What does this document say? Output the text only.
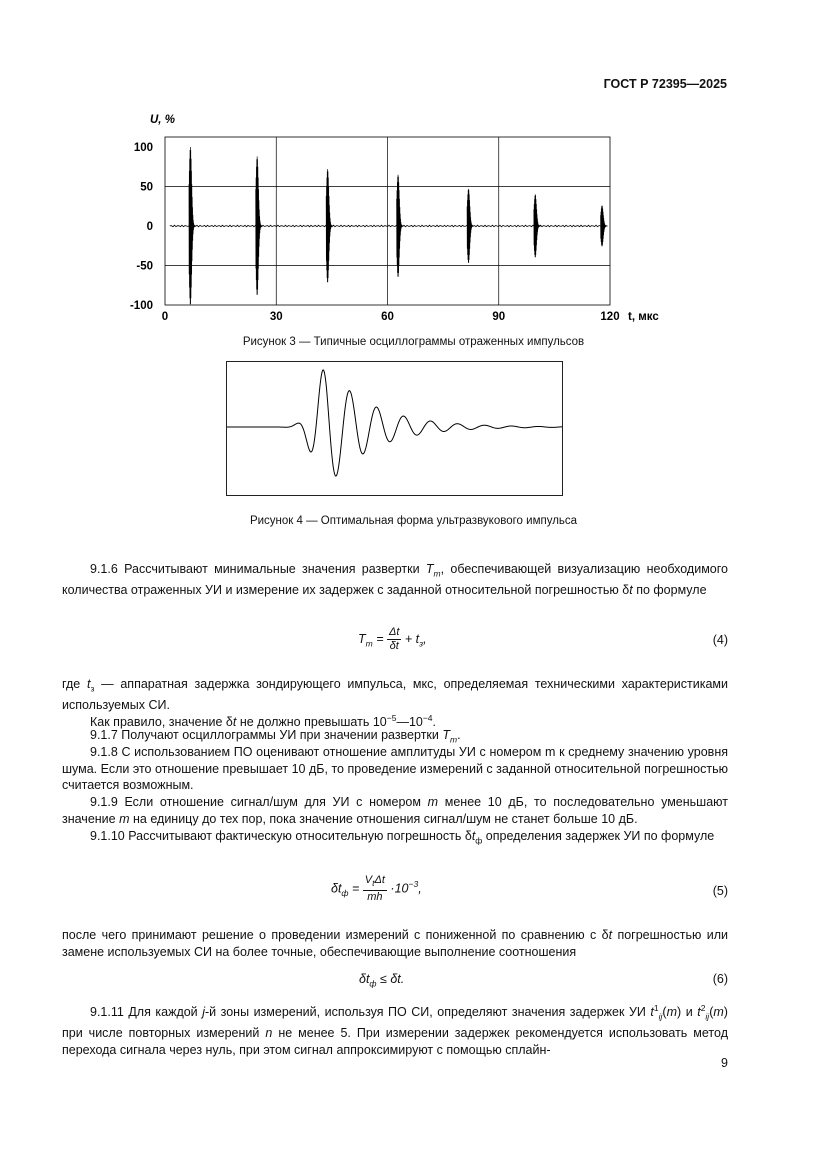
ГОСТ Р 72395—2025
100
50
0
-50
-100
0	30	60	90	120
U, %
t, мкс
Рисунок 3 — Типичные осциллограммы отраженных импульсов
Рисунок 4 — Оптимальная форма ультразвукового импульса
9.1.6 Рассчитывают минимальные значения развертки $T_m$, обеспечивающей визуализацию необходимого количества отраженных УИ и измерение их задержек с заданной относительной погрешностью δt по формуле
$T_m = \frac{\Delta t}{\delta t} + t_з$,	(4)
где $t_з$ — аппаратная задержка зондирующего импульса, мкс, определяемая техническими характеристиками используемых СИ.
Как правило, значение δt не должно превышать $10^{-5}—10^{-4}$.
9.1.7 Получают осциллограммы УИ при значении развертки $T_m$.
9.1.8 С использованием ПО оценивают отношение амплитуды УИ с номером m к среднему значению уровня шума. Если это отношение превышает 10 дБ, то проведение измерений с заданной относительной погрешностью считается возможным.
9.1.9 Если отношение сигнал/шум для УИ с номером m менее 10 дБ, то последовательно уменьшают значение m на единицу до тех пор, пока значение отношения сигнал/шум не станет больше 10 дБ.
9.1.10 Рассчитывают фактическую относительную погрешность $\delta t_ф$ определения задержек УИ по формуле
$\delta t_ф = \frac{V_t\Delta t}{mh} \cdot 10^{-3}$,	(5)
после чего принимают решение о проведении измерений с пониженной по сравнению с δt погрешностью или замене используемых СИ на более точные, обеспечивающие выполнение соотношения
$\delta t_ф \le \delta t$.	(6)
9.1.11 Для каждой j-й зоны измерений, используя ПО СИ, определяют значения задержек УИ $t^1_{ij}(m)$ и $t^2_{ij}(m)$ при числе повторных измерений n не менее 5. При измерении задержек рекомендуется использовать метод перехода сигнала через нуль, при этом сигнал аппроксимируют с помощью сплайн-
9
